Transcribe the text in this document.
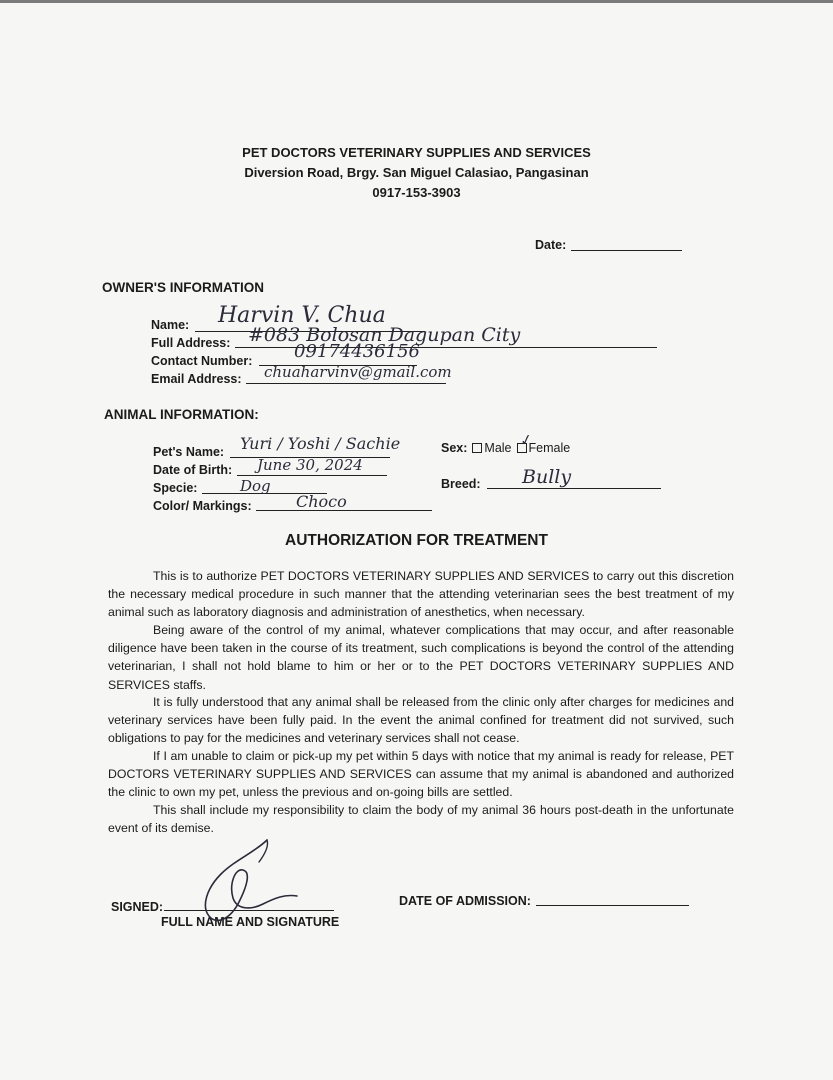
PET DOCTORS VETERINARY SUPPLIES AND SERVICES
Diversion Road, Brgy. San Miguel Calasiao, Pangasinan
0917-153-3903
Date:
OWNER'S INFORMATION
Name: Harvin V. Chua
Full Address: #083 Bolosan Dagupan City
Contact Number: 09174436156
Email Address: chuaharvinv@gmail.com
ANIMAL INFORMATION:
Pet's Name: Yuri / Yoshi / Sachie
Date of Birth: June 30, 2024
Specie:	Dog
Color/ Markings:	Choco
Sex: Male Female
✓
Breed: Bully
AUTHORIZATION FOR TREATMENT

This is to authorize PET DOCTORS VETERINARY SUPPLIES AND SERVICES to carry out this discretion the necessary medical procedure in such manner that the attending veterinarian sees the best treatment of my animal such as laboratory diagnosis and administration of anesthetics, when necessary.

Being aware of the control of my animal, whatever complications that may occur, and after reasonable diligence have been taken in the course of its treatment, such complications is beyond the control of the attending veterinarian, I shall not hold blame to him or her or to the PET DOCTORS VETERINARY SUPPLIES AND SERVICES staffs.

It is fully understood that any animal shall be released from the clinic only after charges for medicines and veterinary services have been fully paid. In the event the animal confined for treatment did not survived, such obligations to pay for the medicines and veterinary services shall not cease.

If I am unable to claim or pick-up my pet within 5 days with notice that my animal is ready for release, PET DOCTORS VETERINARY SUPPLIES AND SERVICES can assume that my animal is abandoned and authorized the clinic to own my pet, unless the previous and on-going bills are settled.

This shall include my responsibility to claim the body of my animal 36 hours post-death in the unfortunate event of its demise.

SIGNED:
FULL NAME AND SIGNATURE
DATE OF ADMISSION:
